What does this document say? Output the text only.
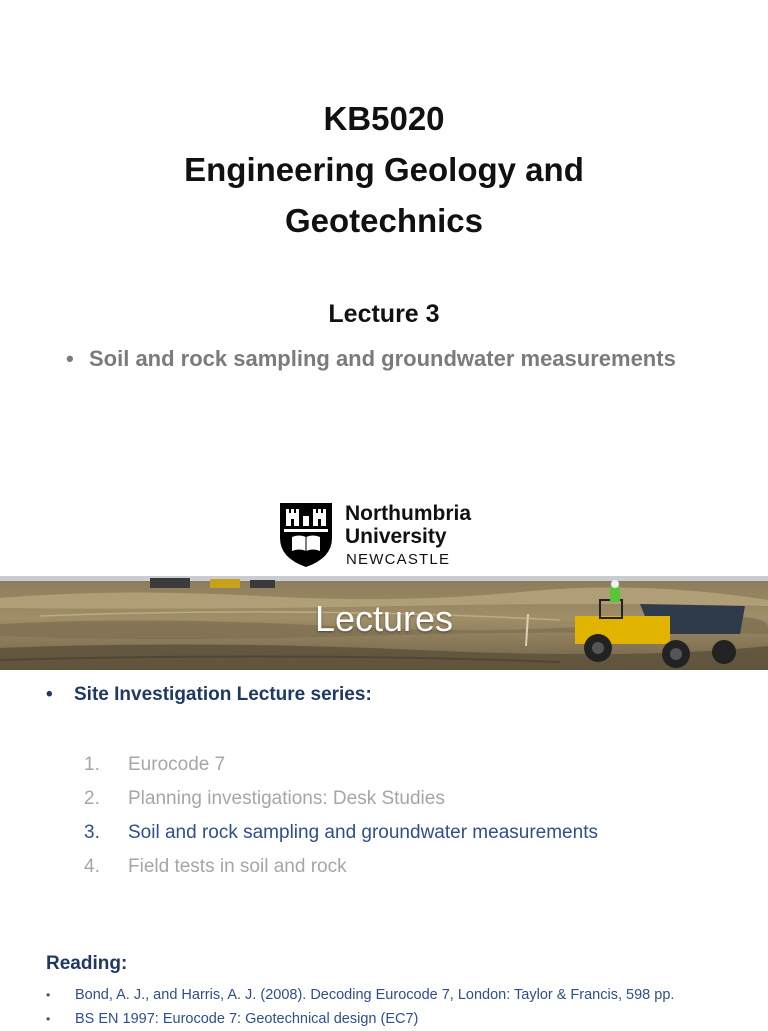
KB5020
Engineering Geology and
Geotechnics
Lecture 3
• Soil and rock sampling and groundwater measurements
Northumbria
University
NEWCASTLE
Lectures
• Site Investigation Lecture series:
1. Eurocode 7
2. Planning investigations: Desk Studies
3. Soil and rock sampling and groundwater measurements
4. Field tests in soil and rock
Reading:
• Bond, A. J., and Harris, A. J. (2008). Decoding Eurocode 7, London: Taylor & Francis, 598 pp.
• BS EN 1997: Eurocode 7: Geotechnical design (EC7)
